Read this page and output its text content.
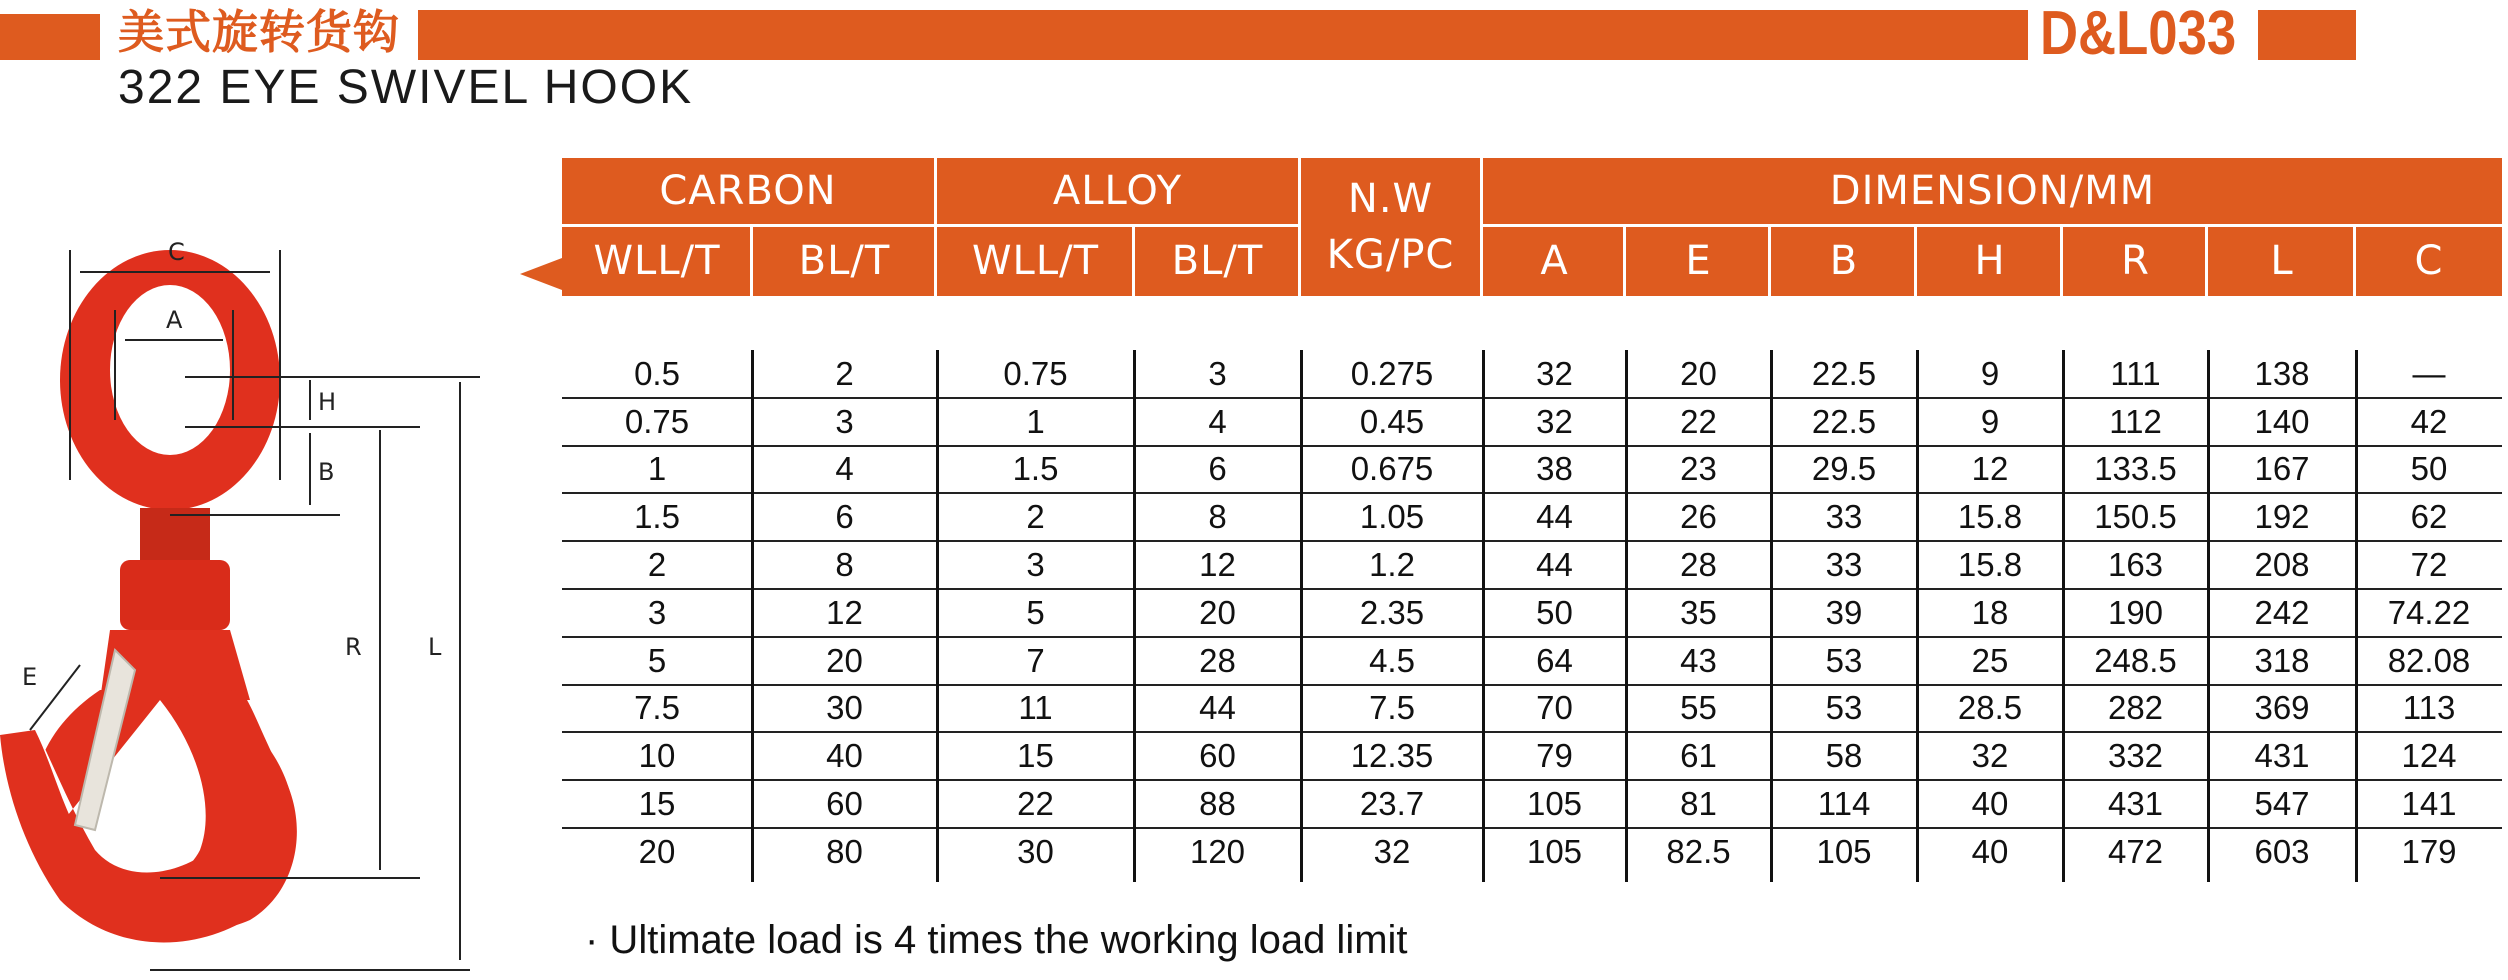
美式旋转货钩
322 EYE SWIVEL HOOK
D&L033
C
A
H
B
R	L
E
CARBON	ALLOY	N.W
KG/PC
DIMENSION/MM
WLL/T	BL/T	WLL/T	BL/T	A	E	B	H	R	L	C
0.5	2	0.75	3	0.275	32	20	22.5	9	111	138	—
0.75	3	1	4	0.45	32	22	22.5	9	112	140	42
1	4	1.5	6	0.675	38	23	29.5	12	133.5	167	50
1.5	6	2	8	1.05	44	26	33	15.8	150.5	192	62
2	8	3	12	1.2	44	28	33	15.8	163	208	72
3	12	5	20	2.35	50	35	39	18	190	242	74.22
5	20	7	28	4.5	64	43	53	25	248.5	318	82.08
7.5	30	11	44	7.5	70	55	53	28.5	282	369	113
10	40	15	60	12.35	79	61	58	32	332	431	124
15	60	22	88	23.7	105	81	114	40	431	547	141
20	80	30	120	32	105	82.5	105	40	472	603	179
· Ultimate load is 4 times the working load limit
